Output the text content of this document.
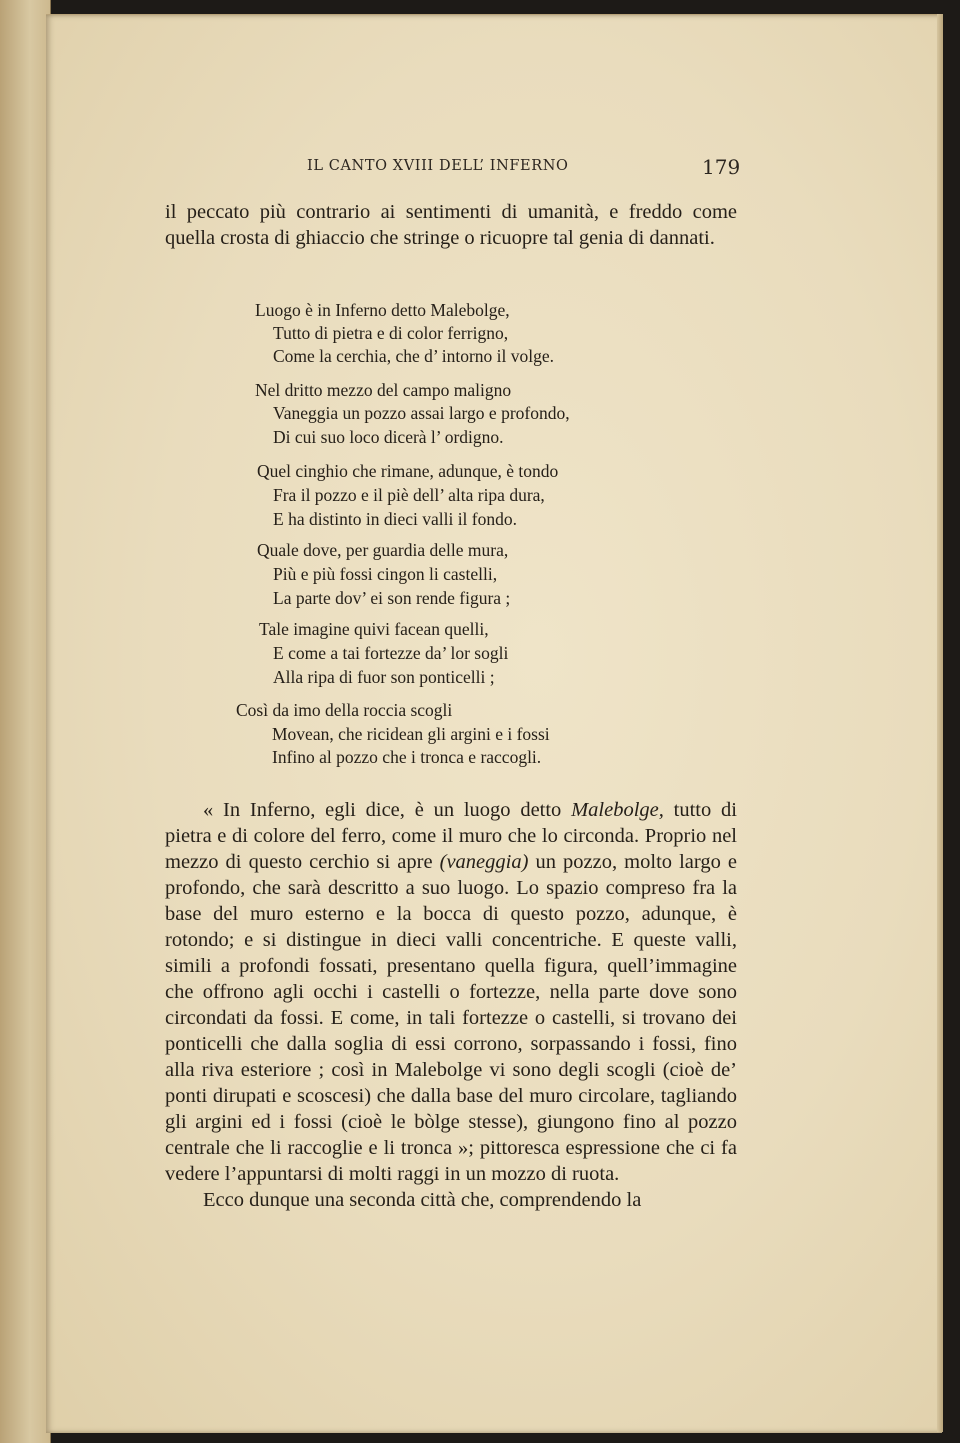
IL CANTO XVIII DELL’ INFERNO	179

il peccato più contrario ai sentimenti di umanità, e freddo come quella crosta di ghiaccio che stringe o ricuopre tal genia di dannati.

Luogo è in Inferno detto Malebolge,
Tutto di pietra e di color ferrigno,
Come la cerchia, che d’ intorno il volge.
Nel dritto mezzo del campo maligno
Vaneggia un pozzo assai largo e profondo,
Di cui suo loco dicerà l’ ordigno.
Quel cinghio che rimane, adunque, è tondo
Fra il pozzo e il piè dell’ alta ripa dura,
E ha distinto in dieci valli il fondo.
Quale dove, per guardia delle mura,
Più e più fossi cingon li castelli,
La parte dov’ ei son rende figura ;
Tale imagine quivi facean quelli,
E come a tai fortezze da’ lor sogli
Alla ripa di fuor son ponticelli ;
Così da imo della roccia scogli
Movean, che ricidean gli argini e i fossi
Infino al pozzo che i tronca e raccogli.

« In Inferno, egli dice, è un luogo detto Malebolge, tutto di pietra e di colore del ferro, come il muro che lo circonda. Proprio nel mezzo di questo cerchio si apre (vaneggia) un pozzo, molto largo e profondo, che sarà descritto a suo luogo. Lo spazio compreso fra la base del muro esterno e la bocca di questo pozzo, adunque, è rotondo; e si distingue in dieci valli concentriche. E queste valli, simili a profondi fossati, presentano quella figura, quell’immagine che offrono agli occhi i castelli o fortezze, nella parte dove sono circondati da fossi. E come, in tali fortezze o castelli, si trovano dei ponticelli che dalla soglia di essi corrono, sorpassando i fossi, fino alla riva esteriore ; così in Malebolge vi sono degli scogli (cioè de’ ponti dirupati e scoscesi) che dalla base del muro circolare, tagliando gli argini ed i fossi (cioè le bòlge stesse), giungono fino al pozzo centrale che li raccoglie e li tronca »; pittoresca espressione che ci fa vedere l’appuntarsi di molti raggi in un mozzo di ruota.

Ecco dunque una seconda città che, comprendendo la
